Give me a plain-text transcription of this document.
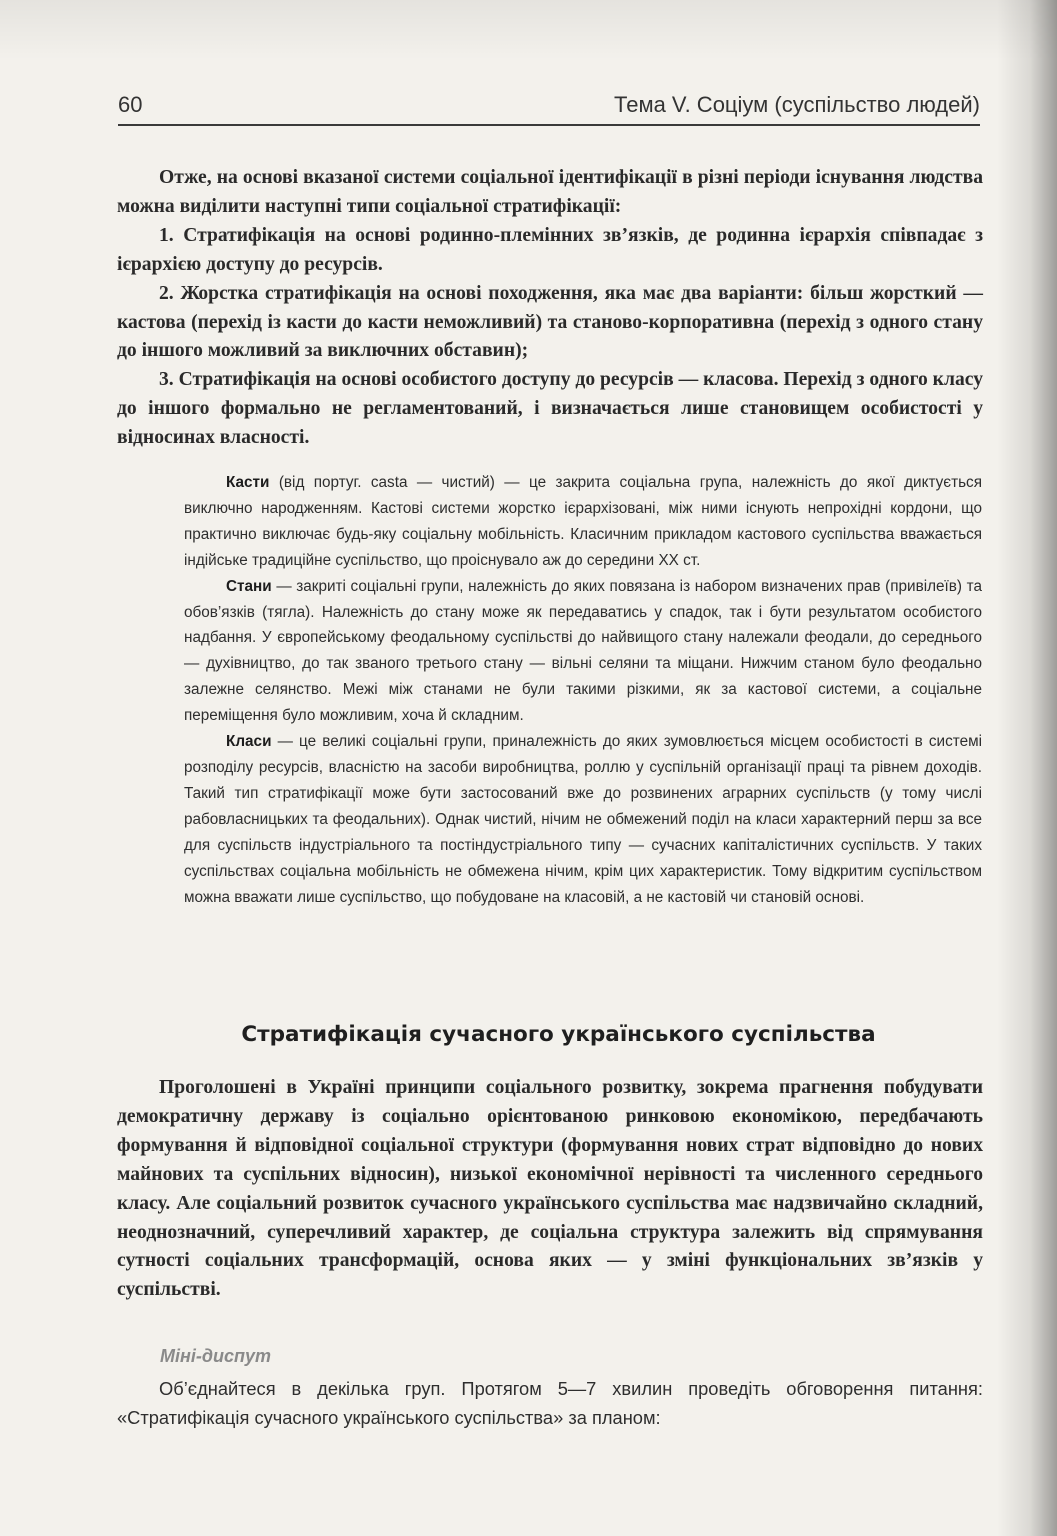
60	Тема V. Соціум (суспільство людей)

Отже, на основі вказаної системи соціальної ідентифікації в різні періоди існування людства можна виділити наступні типи соціальної стратифікації:

1. Стратифікація на основі родинно-племінних зв’язків, де родинна ієрархія співпадає з ієрархією доступу до ресурсів.

2. Жорстка стратифікація на основі походження, яка має два варіанти: більш жорсткий — кастова (перехід із касти до касти неможливий) та станово-корпоративна (перехід з одного стану до іншого можливий за виключних обставин);

3. Стратифікація на основі особистого доступу до ресурсів — класова. Перехід з одного класу до іншого формально не регламентований, і визначається лише становищем особистості у відносинах власності.

Касти (від португ. casta — чистий) — це закрита соціальна група, належність до якої диктується виключно народженням. Кастові системи жорстко ієрархізовані, між ними існують непрохідні кордони, що практично виключає будь-яку соціальну мобільність. Класичним прикладом кастового суспільства вважається індійське традиційне суспільство, що проіснувало аж до середини XX ст.

Стани — закриті соціальні групи, належність до яких повязана із набором визначених прав (привілеїв) та обов’язків (тягла). Належність до стану може як передаватись у спадок, так і бути результатом особистого надбання. У європейському феодальному суспільстві до найвищого стану належали феодали, до середнього — духівництво, до так званого третього стану — вільні селяни та міщани. Нижчим станом було феодально залежне селянство. Межі між станами не були такими різкими, як за кастової системи, а соціальне переміщення було можливим, хоча й складним.

Класи — це великі соціальні групи, приналежність до яких зумовлюється місцем особистості в системі розподілу ресурсів, власністю на засоби виробництва, роллю у суспільній організації праці та рівнем доходів. Такий тип стратифікації може бути застосований вже до розвинених аграрних суспільств (у тому числі рабовласницьких та феодальних). Однак чистий, нічим не обмежений поділ на класи характерний перш за все для суспільств індустріального та постіндустріального типу — сучасних капіталістичних суспільств. У таких суспільствах соціальна мобільність не обмежена нічим, крім цих характеристик. Тому відкритим суспільством можна вважати лише суспільство, що побудоване на класовій, а не кастовій чи становій основі.

Стратифікація сучасного українського суспільства

Проголошені в Україні принципи соціального розвитку, зокрема прагнення побудувати демократичну державу із соціально орієнтованою ринковою економікою, передбачають формування й відповідної соціальної структури (формування нових страт відповідно до нових майнових та суспільних відносин), низької економічної нерівності та численного середнього класу. Але соціальний розвиток сучасного українського суспільства має надзвичайно складний, неоднозначний, суперечливий характер, де соціальна структура залежить від спрямування сутності соціальних трансформацій, основа яких — у зміні функціональних зв’язків у суспільстві.

Міні-диспут

Об’єднайтеся в декілька груп. Протягом 5—7 хвилин проведіть обговорення питання: «Стратифікація сучасного українського суспільства» за планом:
